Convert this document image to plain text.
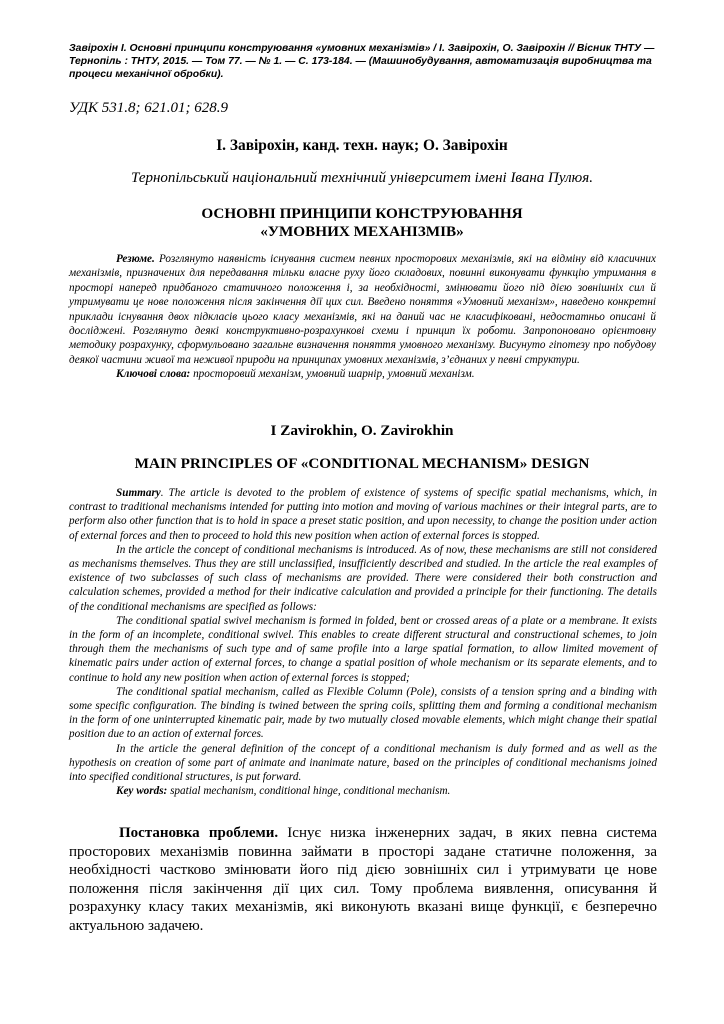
Завірохін І. Основні принципи конструювання «умовних механізмів» / І. Завірохін, О. Завірохін // Вісник ТНТУ — Тернопіль : ТНТУ, 2015. — Том 77. — № 1. — С. 173-184. — (Машинобудування, автоматизація виробництва та процеси механічної обробки).

УДК 531.8; 621.01; 628.9

І. Завірохін, канд. техн. наук; О. Завірохін

Тернопільський національний технічний університет імені Івана Пулюя.

ОСНОВНІ ПРИНЦИПИ КОНСТРУЮВАННЯ
«УМОВНИХ МЕХАНІЗМІВ»

Резюме. Розглянуто наявність існування систем певних просторових механізмів, які на відміну від класичних механізмів, призначених для передавання тільки власне руху його складових, повинні виконувати функцію утримання в просторі наперед придбаного статичного положення і, за необхідності, змінювати його під дією зовнішніх сил й утримувати це нове положення після закінчення дії цих сил. Введено поняття «Умовний механізм», наведено конкретні приклади існування двох підкласів цього класу механізмів, які на даний час не класифіковані, недостатньо описані й досліджені. Розглянуто деякі конструктивно-розрахункові схеми і принцип їх роботи. Запропоновано орієнтовну методику розрахунку, сформульовано загальне визначення поняття умовного механізму. Висунуто гіпотезу про побудову деякої частини живої та неживої природи на принципах умовних механізмів, з’єднаних у певні структури.

Ключові слова: просторовий механізм, умовний шарнір, умовний механізм.

I Zavirokhin, O. Zavirokhin

MAIN PRINCIPLES OF «CONDITIONAL MECHANISM» DESIGN

Summary. The article is devoted to the problem of existence of systems of specific spatial mechanisms, which, in contrast to traditional mechanisms intended for putting into motion and moving of various machines or their integral parts, are to perform also other function that is to hold in space a preset static position, and upon necessity, to change the position under action of external forces and then to proceed to hold this new position when action of external forces is stopped.

In the article the concept of conditional mechanisms is introduced. As of now, these mechanisms are still not considered as mechanisms themselves. Thus they are still unclassified, insufficiently described and studied. In the article the real examples of existence of two subclasses of such class of mechanisms are provided. There were considered their both construction and calculation schemes, provided a method for their indicative calculation and provided a principle for their functioning. The details of the conditional mechanisms are specified as follows:

The conditional spatial swivel mechanism is formed in folded, bent or crossed areas of a plate or a membrane. It exists in the form of an incomplete, conditional swivel. This enables to create different structural and constructional schemes, to join through them the mechanisms of such type and of same profile into a large spatial formation, to allow limited movement of kinematic pairs under action of external forces, to change a spatial position of whole mechanism or its separate elements, and to continue to hold any new position when action of external forces is stopped;

The conditional spatial mechanism, called as Flexible Column (Pole), consists of a tension spring and a binding with some specific configuration. The binding is twined between the spring coils, splitting them and forming a conditional mechanism in the form of one uninterrupted kinematic pair, made by two mutually closed movable elements, which might change their spatial position due to an action of external forces.

In the article the general definition of the concept of a conditional mechanism is duly formed and as well as the hypothesis on creation of some part of animate and inanimate nature, based on the principles of conditional mechanisms joined into specified conditional structures, is put forward.

Key words: spatial mechanism, conditional hinge, conditional mechanism.

Постановка проблеми. Існує низка інженерних задач, в яких певна система просторових механізмів повинна займати в просторі задане статичне положення, за необхідності частково змінювати його під дією зовнішніх сил і утримувати це нове положення після закінчення дії цих сил. Тому проблема виявлення, описування й розрахунку класу таких механізмів, які виконують вказані вище функції, є безперечно актуальною задачею.
